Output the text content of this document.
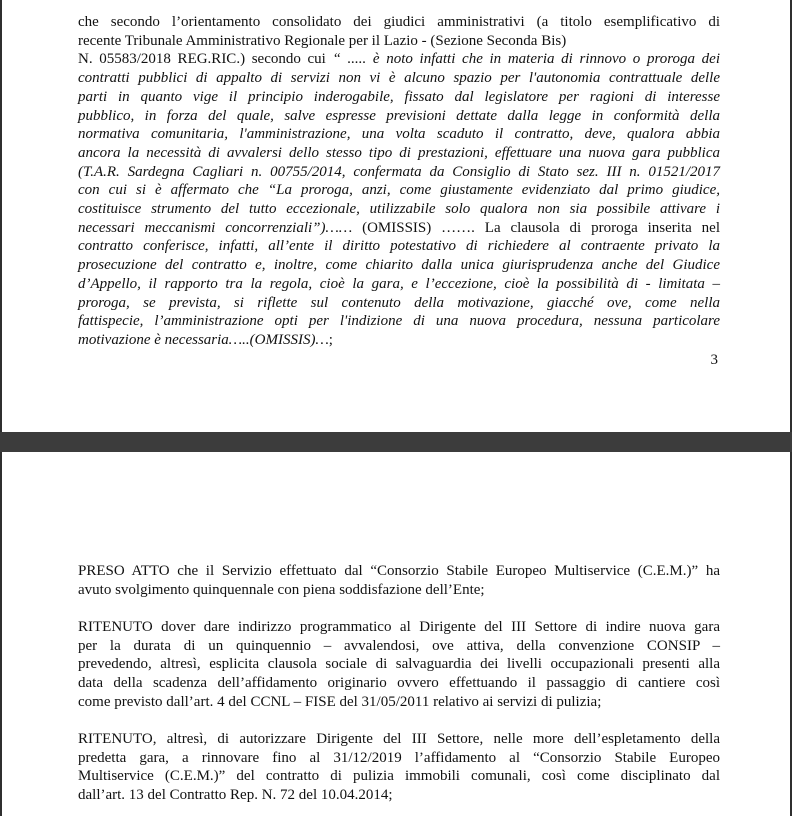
che secondo l’orientamento consolidato dei giudici amministrativi (a titolo esemplificativo di
recente Tribunale Amministrativo Regionale per il Lazio - (Sezione Seconda Bis)
N. 05583/2018 REG.RIC.) secondo cui “ ..... è noto infatti che in materia di rinnovo o proroga dei
contratti pubblici di appalto di servizi non vi è alcuno spazio per l'autonomia contrattuale delle
parti in quanto vige il principio inderogabile, fissato dal legislatore per ragioni di interesse
pubblico, in forza del quale, salve espresse previsioni dettate dalla legge in conformità della
normativa comunitaria, l'amministrazione, una volta scaduto il contratto, deve, qualora abbia
ancora la necessità di avvalersi dello stesso tipo di prestazioni, effettuare una nuova gara pubblica
(T.A.R. Sardegna Cagliari n. 00755/2014, confermata da Consiglio di Stato sez. III n. 01521/2017
con cui si è affermato che “La proroga, anzi, come giustamente evidenziato dal primo giudice,
costituisce strumento del tutto eccezionale, utilizzabile solo qualora non sia possibile attivare i
necessari meccanismi concorrenziali”)…… (OMISSIS) ……. La clausola di proroga inserita nel
contratto conferisce, infatti, all’ente il diritto potestativo di richiedere al contraente privato la
prosecuzione del contratto e, inoltre, come chiarito dalla unica giurisprudenza anche del Giudice
d’Appello, il rapporto tra la regola, cioè la gara, e l’eccezione, cioè la possibilità di - limitata –
proroga, se prevista, si riflette sul contenuto della motivazione, giacché ove, come nella
fattispecie, l’amministrazione opti per l'indizione di una nuova procedura, nessuna particolare
motivazione è necessaria…..(OMISSIS)…;
3
PRESO ATTO che il Servizio effettuato dal “Consorzio Stabile Europeo Multiservice (C.E.M.)” ha
avuto svolgimento quinquennale con piena soddisfazione dell’Ente;
RITENUTO dover dare indirizzo programmatico al Dirigente del III Settore di indire nuova gara
per la durata di un quinquennio – avvalendosi, ove attiva, della convenzione CONSIP –
prevedendo, altresì, esplicita clausola sociale di salvaguardia dei livelli occupazionali presenti alla
data della scadenza dell’affidamento originario ovvero effettuando il passaggio di cantiere così
come previsto dall’art. 4 del CCNL – FISE del 31/05/2011 relativo ai servizi di pulizia;
RITENUTO, altresì, di autorizzare Dirigente del III Settore, nelle more dell’espletamento della
predetta gara, a rinnovare fino al 31/12/2019 l’affidamento al “Consorzio Stabile Europeo
Multiservice (C.E.M.)” del contratto di pulizia immobili comunali, così come disciplinato dal
dall’art. 13 del Contratto Rep. N. 72 del 10.04.2014;
